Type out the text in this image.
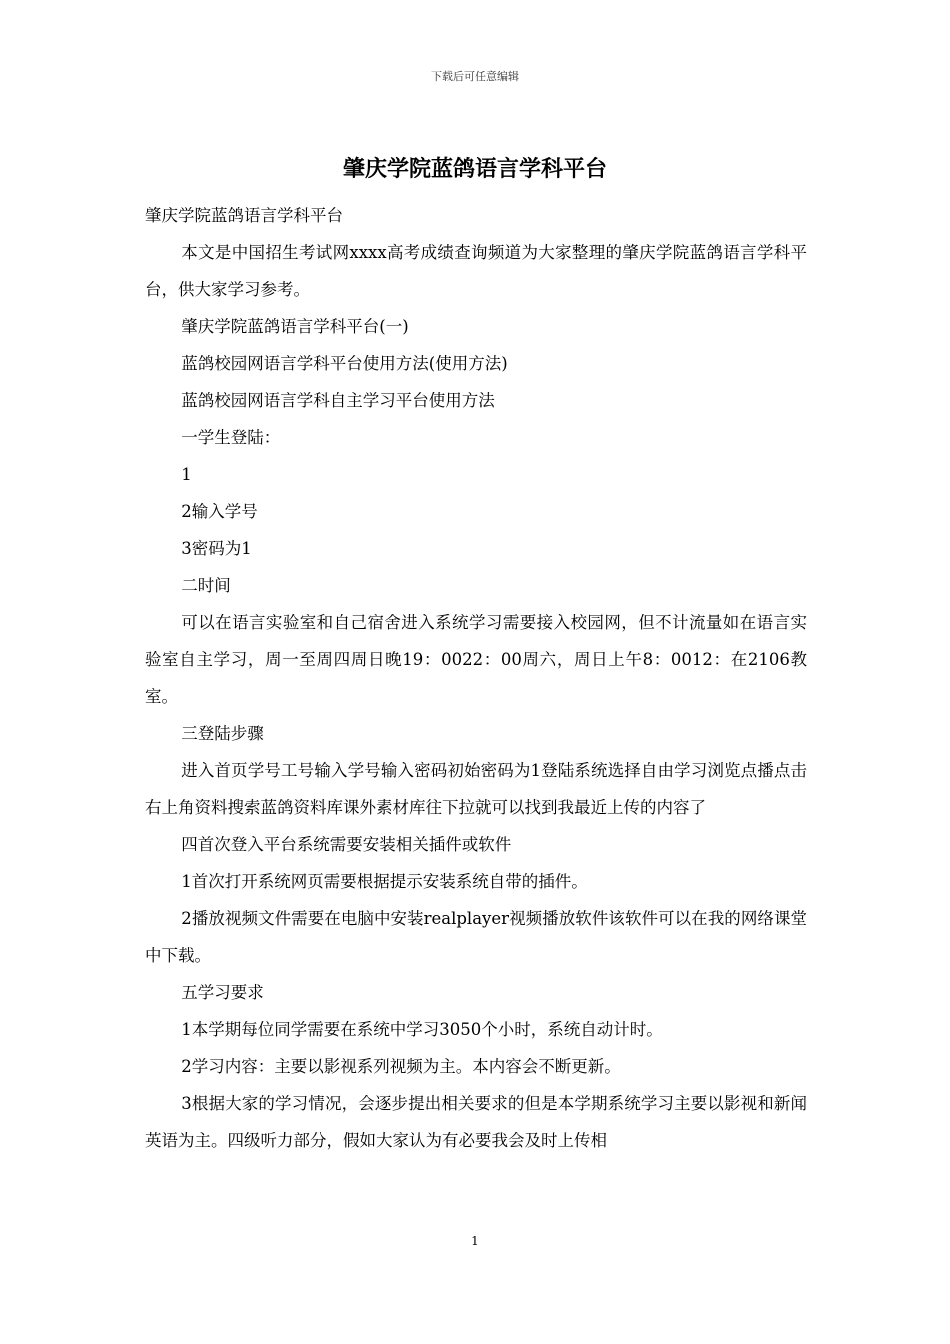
下载后可任意编辑
肇庆学院蓝鸽语言学科平台

肇庆学院蓝鸽语言学科平台

本文是中国招生考试网xxxx高考成绩查询频道为大家整理的肇庆学院蓝鸽语言学科平台，供大家学习参考。

肇庆学院蓝鸽语言学科平台(一)

蓝鸽校园网语言学科平台使用方法(使用方法)

蓝鸽校园网语言学科自主学习平台使用方法

一学生登陆：

1

2输入学号

3密码为1

二时间

可以在语言实验室和自己宿舍进入系统学习需要接入校园网，但不计流量如在语言实验室自主学习，周一至周四周日晚19：0022：00周六，周日上午8：0012：在2106教室。

三登陆步骤

进入首页学号工号输入学号输入密码初始密码为1登陆系统选择自由学习浏览点播点击右上角资料搜索蓝鸽资料库课外素材库往下拉就可以找到我最近上传的内容了

四首次登入平台系统需要安装相关插件或软件

1首次打开系统网页需要根据提示安装系统自带的插件。

2播放视频文件需要在电脑中安装realplayer视频播放软件该软件可以在我的网络课堂中下载。

五学习要求

1本学期每位同学需要在系统中学习3050个小时，系统自动计时。

2学习内容：主要以影视系列视频为主。本内容会不断更新。

3根据大家的学习情况，会逐步提出相关要求的但是本学期系统学习主要以影视和新闻英语为主。四级听力部分，假如大家认为有必要我会及时上传相

1
